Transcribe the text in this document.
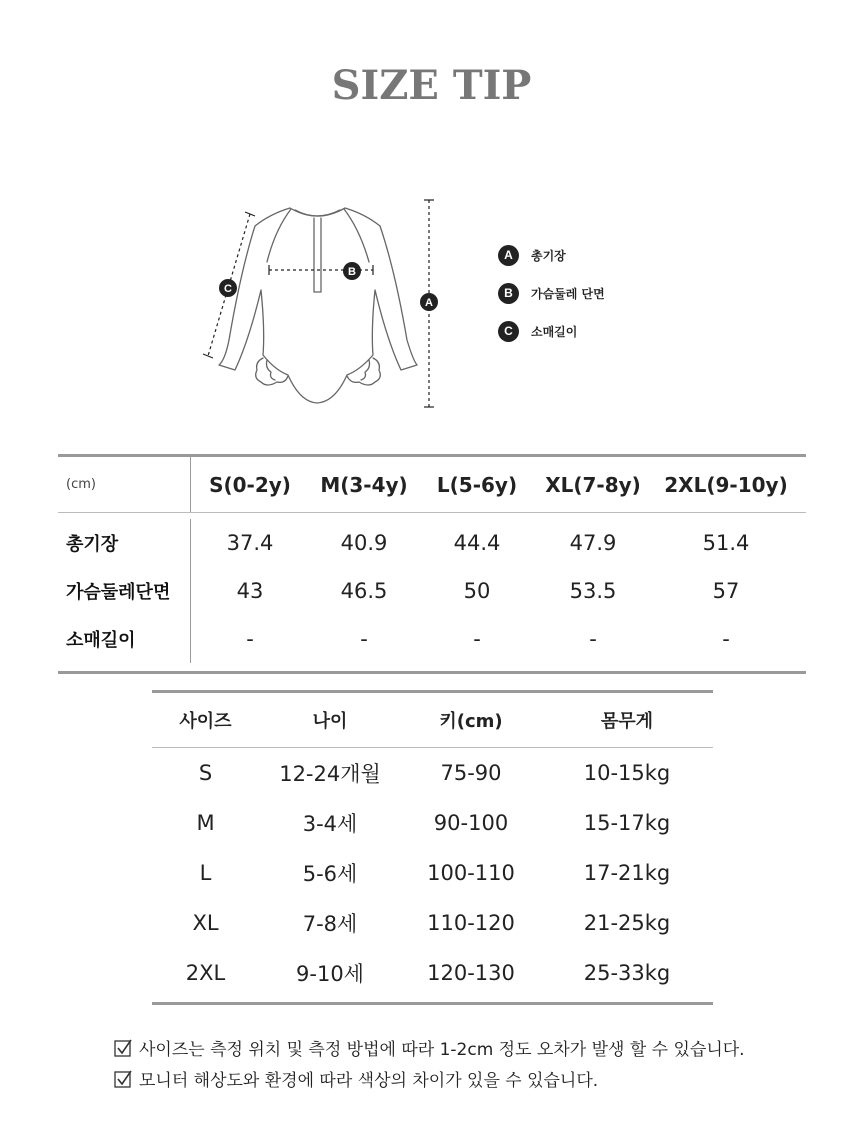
SIZE TIP
A
B
C
A	총기장
B	가슴둘레 단면
C	소매길이
(cm)	S(0-2y)	M(3-4y)	L(5-6y)	XL(7-8y)	2XL(9-10y)
총기장	37.4	40.9	44.4	47.9	51.4
가슴둘레단면	43	46.5	50	53.5	57
소매길이	-	-	-	-	-
사이즈	나이	키(cm)	몸무게
S	12-24개월	75-90	10-15kg
M	3-4세	90-100	15-17kg
L	5-6세	100-110	17-21kg
XL	7-8세	110-120	21-25kg
2XL	9-10세	120-130	25-33kg
사이즈는 측정 위치 및 측정 방법에 따라 1-2cm 정도 오차가 발생 할 수 있습니다.
모니터 해상도와 환경에 따라 색상의 차이가 있을 수 있습니다.
